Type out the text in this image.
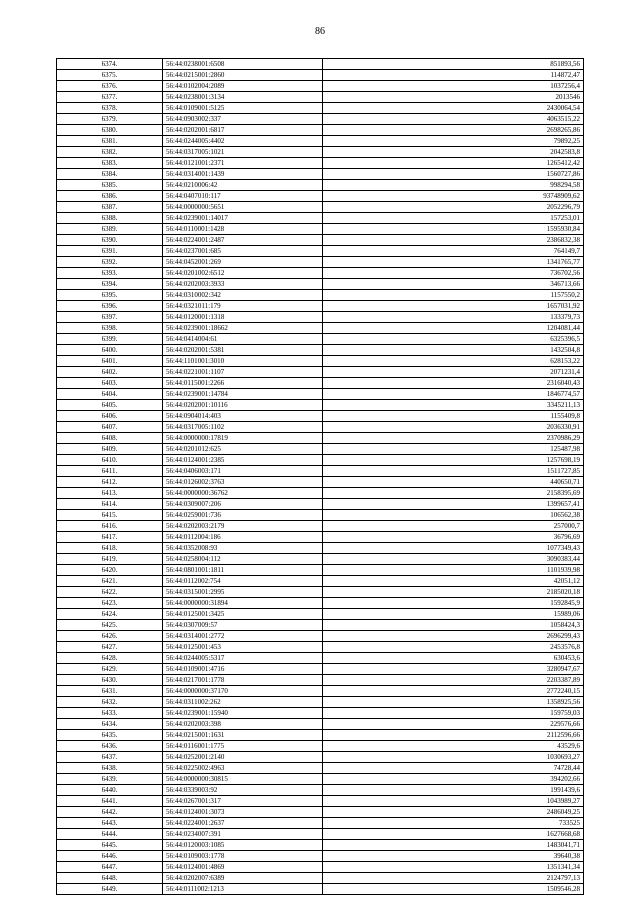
86
6374.	56:44:0238001:6508	851893,56
6375.	56:44:0215001:2860	114872,47
6376.	56:44:0102004:2089	1037256,4
6377.	56:44:0238001:3134	2013546
6378.	56:44:0109001:5125	2430064,54
6379.	56:44:0903002:337	4063515,22
6380.	56:44:0202001:6817	2698265,86
6381.	56:44:0244005:4402	79892,25
6382.	56:44:0317005:1021	2042583,8
6383.	56:44:0121001:2371	1265412,42
6384.	56:44:0314001:1439	1560727,86
6385.	56:44:0210006:42	998294,58
6386.	56:44:0407010:117	93748909,62
6387.	56:44:0000000:5651	2052296,79
6388.	56:44:0239001:14017	157253,01
6389.	56:44:0110001:1428	1595930,84
6390.	56:44:0224001:2487	2386832,38
6391.	56:44:0237001:685	764149,7
6392.	56:44:0452001:269	1341765,77
6393.	56:44:0201002:6512	736702,56
6394.	56:44:0202003:3933	346713,66
6395.	56:44:0310002:342	1157550,2
6396.	56:44:0321011:179	1657031,92
6397.	56:44:0120001:1318	133379,73
6398.	56:44:0239001:18662	1204081,44
6399.	56:44:0414004:61	6325396,5
6400.	56:44:0202001:5381	1432504,8
6401.	56:44:1101001:3010	628153,22
6402.	56:44:0221001:1107	2071231,4
6403.	56:44:0115001:2266	2316040,43
6404.	56:44:0239001:14784	1846774,57
6405.	56:44:0202001:10116	3345211,13
6406.	56:44:0904014:403	1155409,8
6407.	56:44:0317005:1102	2036330,91
6408.	56:44:0000000:17819	2370986,29
6409.	56:44:0201012:625	125487,98
6410.	56:44:0124001:2385	1257698,19
6411.	56:44:0406003:171	1511727,85
6412.	56:44:0126002:3763	440650,71
6413.	56:44:0000000:36762	2158395,69
6414.	56:44:0309007:206	1399657,41
6415.	56:44:0259001:736	106562,38
6416.	56:44:0202003:2179	257000,7
6417.	56:44:0112004:186	36796,69
6418.	56:44:0352008:93	1077349,43
6419.	56:44:0258004:112	3090383,44
6420.	56:44:0801001:1811	1101939,98
6421.	56:44:0112002:754	42051,12
6422.	56:44:0315001:2995	2185020,18
6423.	56:44:0000000:31894	1592845,9
6424.	56:44:0125001:3425	15989,06
6425.	56:44:0307009:57	1058424,3
6426.	56:44:0314001:2772	2696299,43
6427.	56:44:0125001:453	2453576,8
6428.	56:44:0244005:5317	630453,6
6429.	56:44:0109001:4716	3280947,67
6430.	56:44:0217001:1778	2203387,89
6431.	56:44:0000000:37170	2772240,15
6432.	56:44:0311002:262	1358925,56
6433.	56:44:0239001:15940	159759,03
6434.	56:44:0202003:398	229576,66
6435.	56:44:0215001:1631	2112596,66
6436.	56:44:0116001:1775	43529,6
6437.	56:44:0252001:2140	1030693,27
6438.	56:44:0225002:4963	74728,44
6439.	56:44:0000000:30815	394202,66
6440.	56:44:0339003:92	1991439,6
6441.	56:44:0267001:317	1043989,27
6442.	56:44:0124001:3073	2486049,25
6443.	56:44:0224001:2637	733525
6444.	56:44:0234007:391	1627668,68
6445.	56:44:0120003:1085	1483041,71
6446.	56:44:0109003:1778	39640,38
6447.	56:44:0124001:4869	1351341,34
6448.	56:44:0202007:6389	2124797,13
6449.	56:44:0111002:1213	1509546,28
